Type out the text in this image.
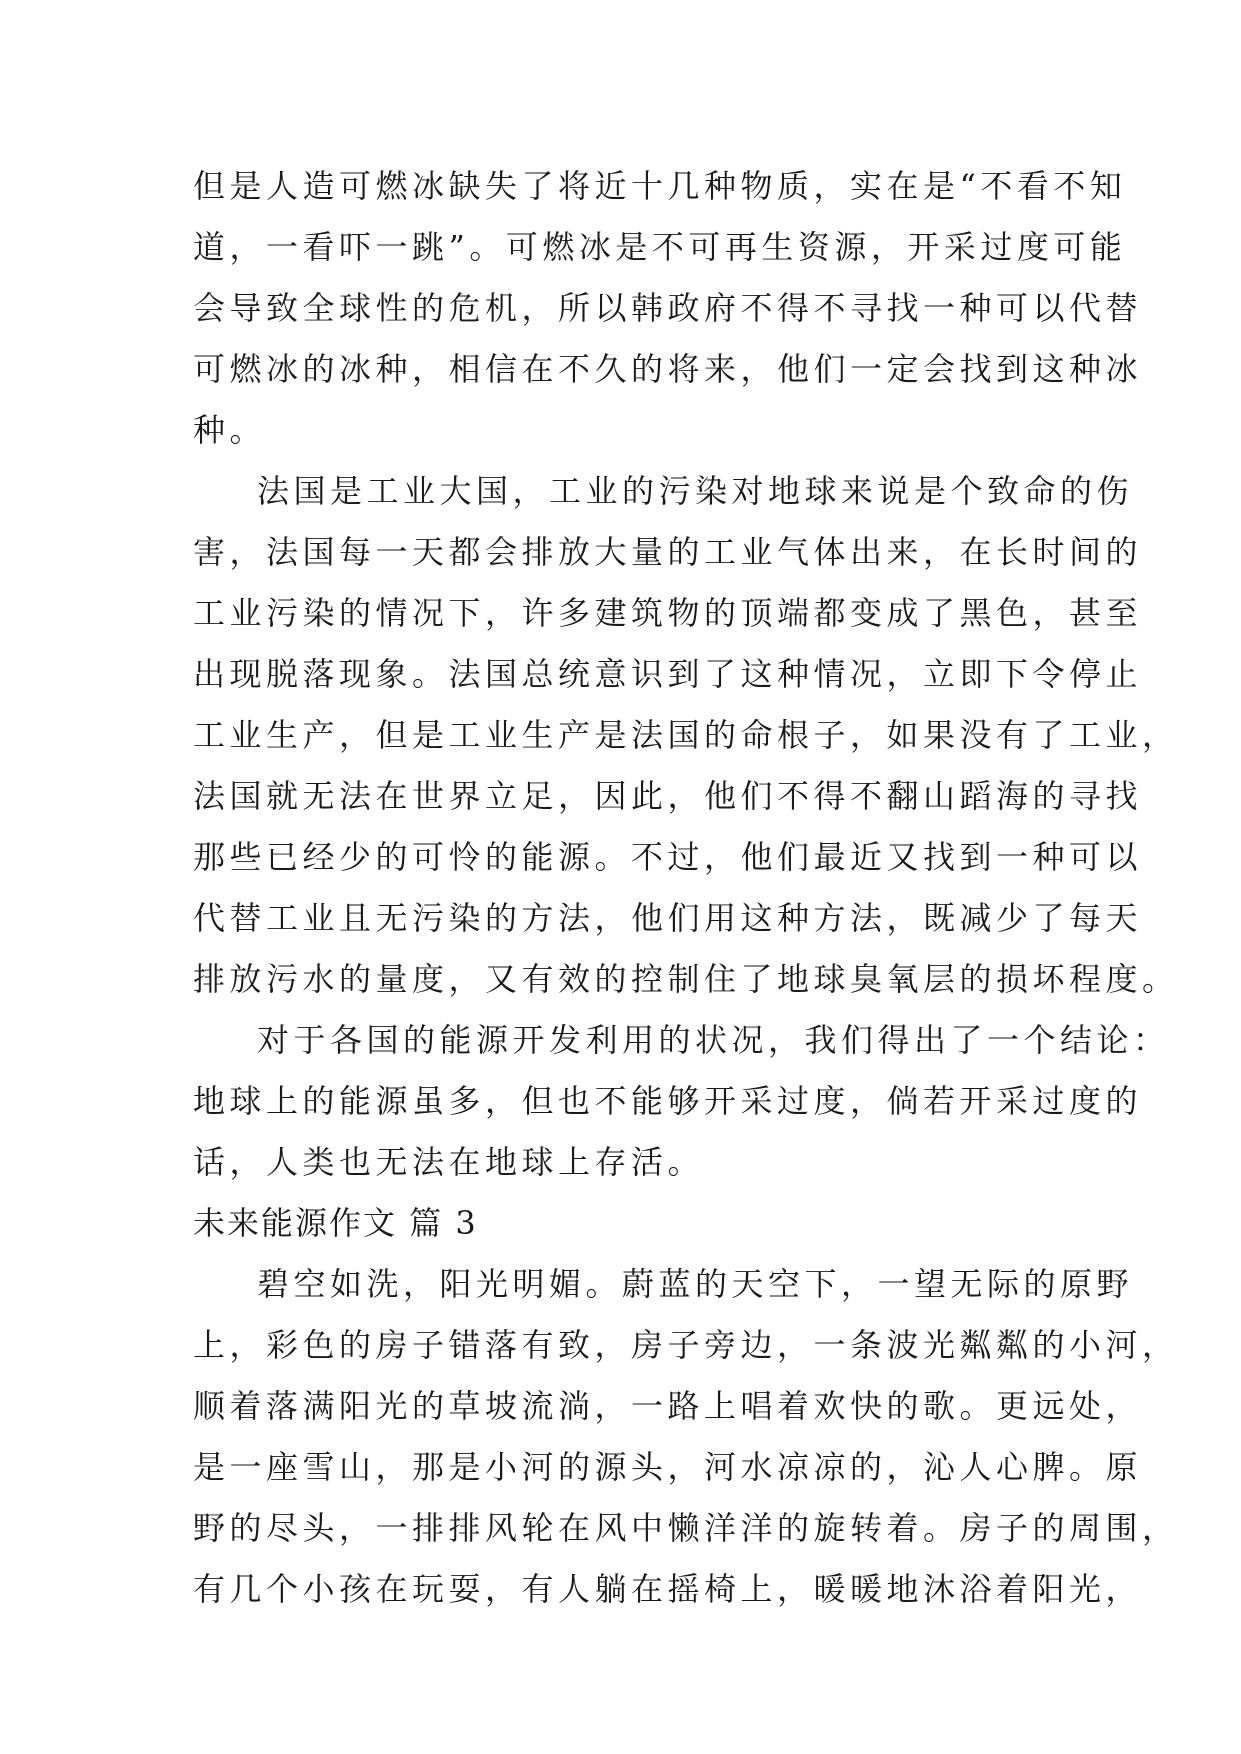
但是人造可燃冰缺失了将近十几种物质，实在是“不看不知
道，一看吓一跳”。可燃冰是不可再生资源，开采过度可能
会导致全球性的危机，所以韩政府不得不寻找一种可以代替
可燃冰的冰种，相信在不久的将来，他们一定会找到这种冰
种。
法国是工业大国，工业的污染对地球来说是个致命的伤
害，法国每一天都会排放大量的工业气体出来，在长时间的
工业污染的情况下，许多建筑物的顶端都变成了黑色，甚至
出现脱落现象。法国总统意识到了这种情况，立即下令停止
工业生产，但是工业生产是法国的命根子，如果没有了工业，
法国就无法在世界立足，因此，他们不得不翻山蹈海的寻找
那些已经少的可怜的能源。不过，他们最近又找到一种可以
代替工业且无污染的方法，他们用这种方法，既减少了每天
排放污水的量度，又有效的控制住了地球臭氧层的损坏程度。
对于各国的能源开发利用的状况，我们得出了一个结论：
地球上的能源虽多，但也不能够开采过度，倘若开采过度的
话，人类也无法在地球上存活。
未来能源作文 篇 3
碧空如洗，阳光明媚。蔚蓝的天空下，一望无际的原野
上，彩色的房子错落有致，房子旁边，一条波光粼粼的小河，
顺着落满阳光的草坡流淌，一路上唱着欢快的歌。更远处，
是一座雪山，那是小河的源头，河水凉凉的，沁人心脾。原
野的尽头，一排排风轮在风中懒洋洋的旋转着。房子的周围，
有几个小孩在玩耍，有人躺在摇椅上，暖暖地沐浴着阳光，
